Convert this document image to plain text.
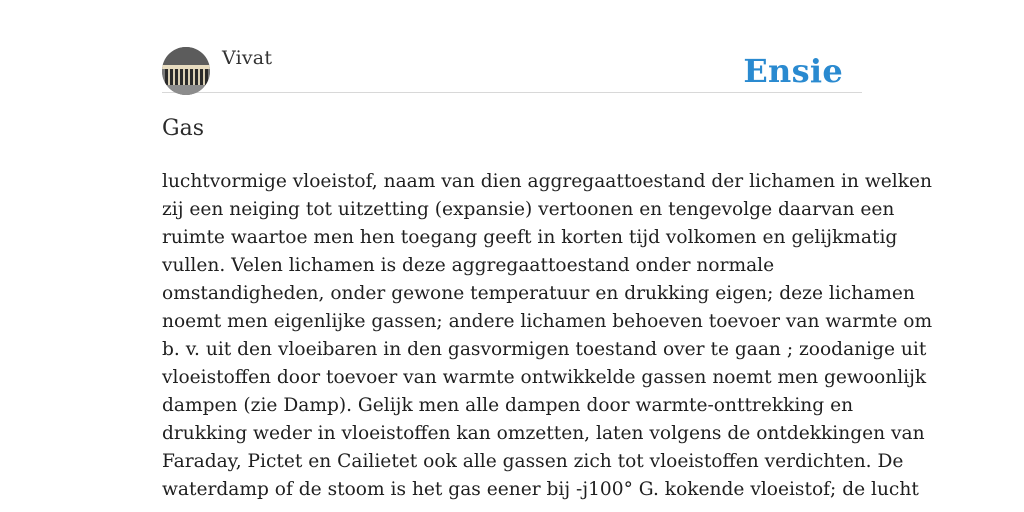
Vivat	Ensie
Gas

luchtvormige vloeistof, naam van dien aggregaattoestand der lichamen in welken
zij een neiging tot uitzetting (expansie) vertoonen en tengevolge daarvan een
ruimte waartoe men hen toegang geeft in korten tijd volkomen en gelijkmatig
vullen. Velen lichamen is deze aggregaattoestand onder normale
omstandigheden, onder gewone temperatuur en drukking eigen; deze lichamen
noemt men eigenlijke gassen; andere lichamen behoeven toevoer van warmte om
b. v. uit den vloeibaren in den gasvormigen toestand over te gaan ; zoodanige uit
vloeistoffen door toevoer van warmte ontwikkelde gassen noemt men gewoonlijk
dampen (zie Damp). Gelijk men alle dampen door warmte-onttrekking en
drukking weder in vloeistoffen kan omzetten, laten volgens de ontdekkingen van
Faraday, Pictet en Cailietet ook alle gassen zich tot vloeistoffen verdichten. De
waterdamp of de stoom is het gas eener bij -j100° G. kokende vloeistof; de lucht
